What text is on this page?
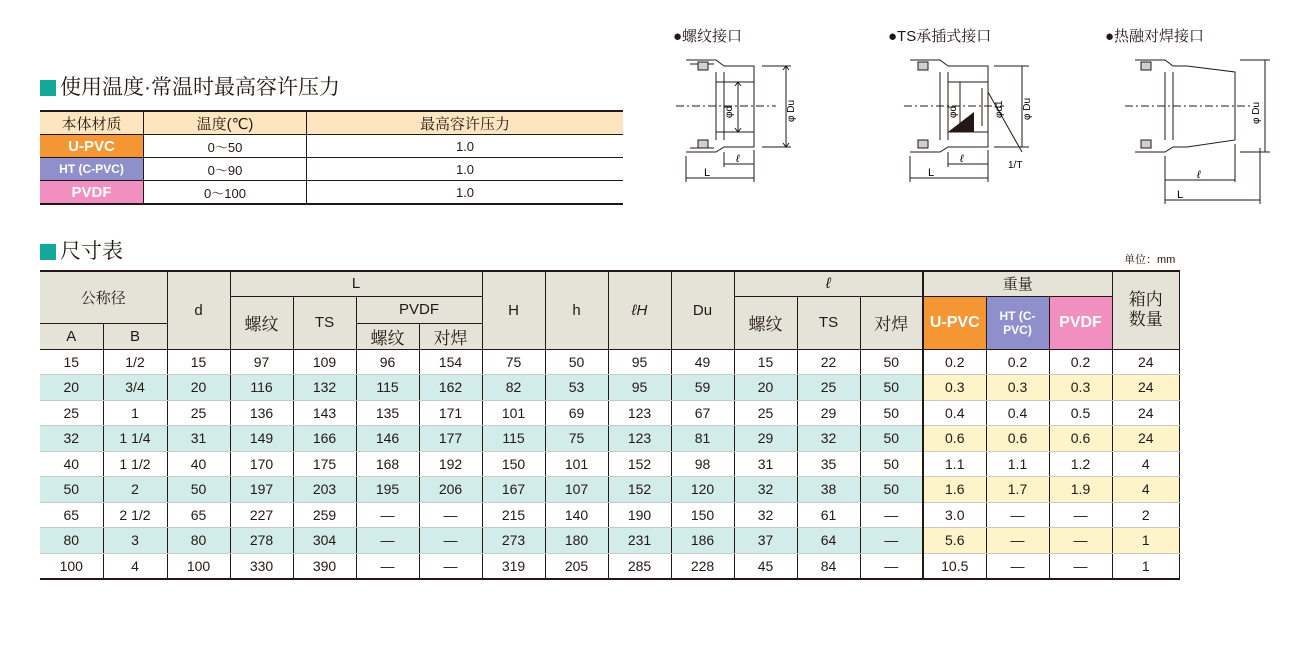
使用温度·常温时最高容许压力
本体材质	温度(℃)	最高容许压力
U-PVC	0～50	1.0
HT (C-PVC)	0～90	1.0
PVDF	0～100	1.0
●螺纹接口	●TS承插式接口	●热融对焊接口
φd	φ Du
ℓ
L
φd	φd1 φ Du
ℓ
L
1/T
φ Du
ℓ
L
尺寸表	单位：mm
公称径		d	L				H	h	ℓH	Du	ℓ			重量			箱内
数量
			螺纹	TS	PVDF						螺纹	TS	对焊	U-PVC	HT (C-PVC)	PVDF	
A	B				螺纹	对焊											
15	1/2	15	97	109	96	154	75	50	95	49	15	22	50	0.2	0.2	0.2	24
20	3/4	20	116	132	115	162	82	53	95	59	20	25	50	0.3	0.3	0.3	24
25	1	25	136	143	135	171	101	69	123	67	25	29	50	0.4	0.4	0.5	24
32	1 1/4	31	149	166	146	177	115	75	123	81	29	32	50	0.6	0.6	0.6	24
40	1 1/2	40	170	175	168	192	150	101	152	98	31	35	50	1.1	1.1	1.2	4
50	2	50	197	203	195	206	167	107	152	120	32	38	50	1.6	1.7	1.9	4
65	2 1/2	65	227	259	—	—	215	140	190	150	32	61	—	3.0	—	—	2
80	3	80	278	304	—	—	273	180	231	186	37	64	—	5.6	—	—	1
100	4	100	330	390	—	—	319	205	285	228	45	84	—	10.5	—	—	1
